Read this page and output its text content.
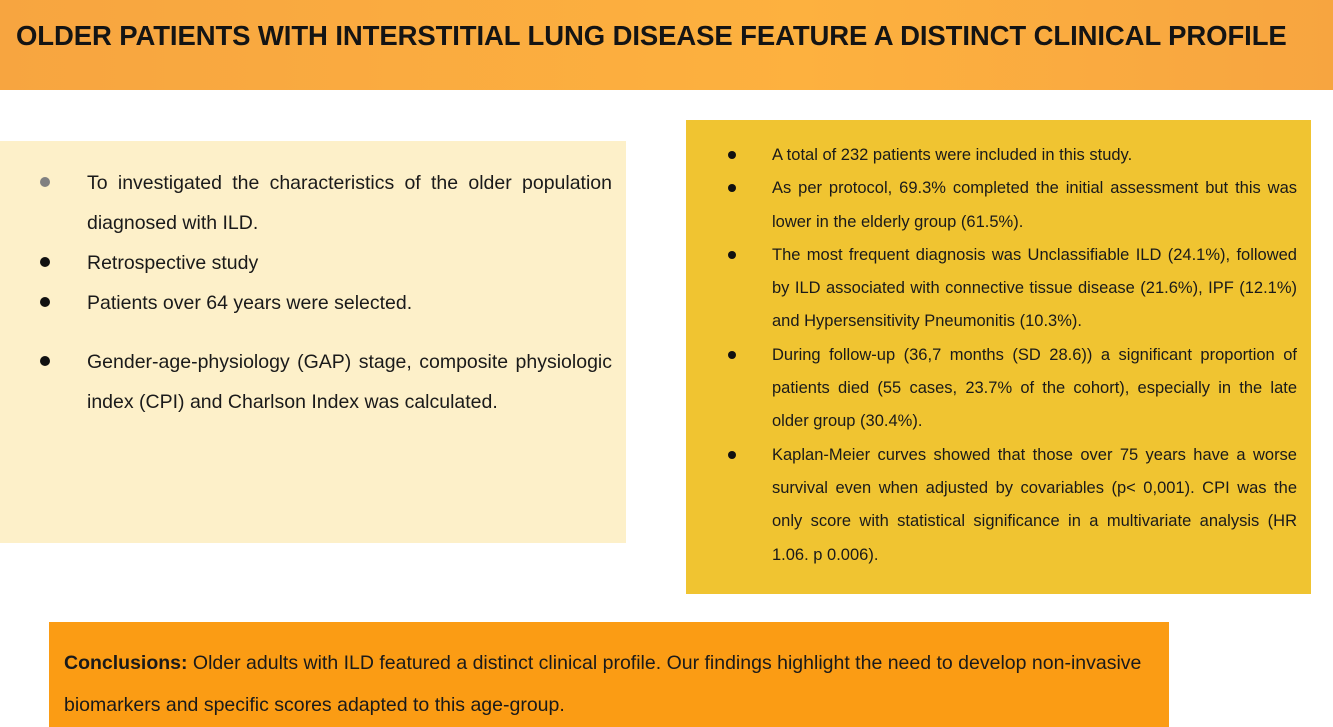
OLDER PATIENTS WITH INTERSTITIAL LUNG DISEASE FEATURE A DISTINCT CLINICAL PROFILE
To investigated the characteristics of the older population diagnosed with ILD.
Retrospective study
Patients over 64 years were selected.
Gender-age-physiology (GAP) stage, composite physiologic index (CPI) and Charlson Index was calculated.
A total of 232 patients were included in this study.
As per protocol, 69.3% completed the initial assessment but this was lower in the elderly group (61.5%).
The most frequent diagnosis was Unclassifiable ILD (24.1%), followed by ILD associated with connective tissue disease (21.6%), IPF (12.1%) and Hypersensitivity Pneumonitis (10.3%).
During follow-up (36,7 months (SD 28.6)) a significant proportion of patients died (55 cases, 23.7% of the cohort), especially in the late older group (30.4%).
Kaplan-Meier curves showed that those over 75 years have a worse survival even when adjusted by covariables (p< 0,001). CPI was the only score with statistical significance in a multivariate analysis (HR 1.06. p 0.006).

Conclusions: Older adults with ILD featured a distinct clinical profile. Our findings highlight the need to develop non-invasive biomarkers and specific scores adapted to this age-group.
